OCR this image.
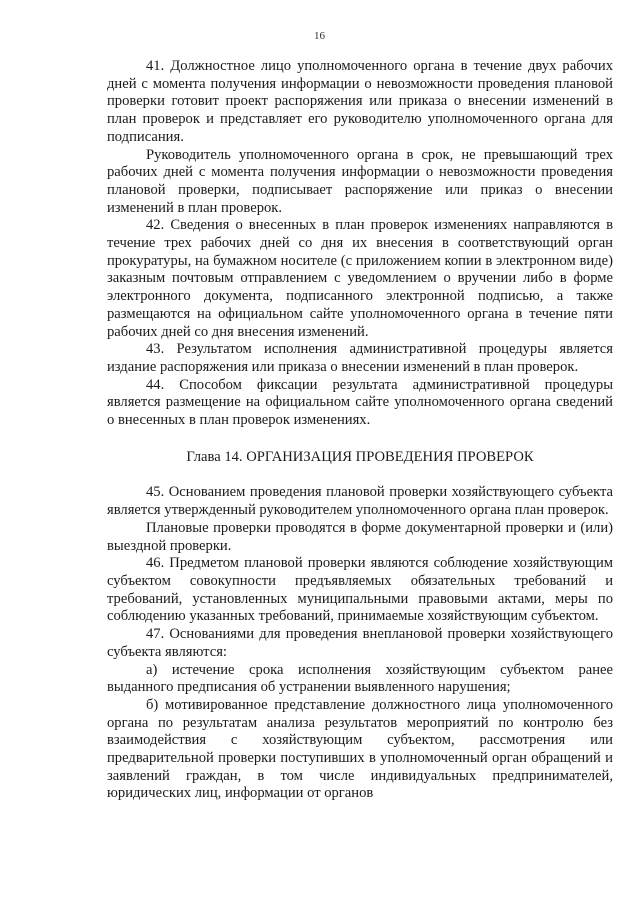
16

41. Должностное лицо уполномоченного органа в течение двух рабочих дней с момента получения информации о невозможности проведения плановой проверки готовит проект распоряжения или приказа о внесении изменений в план проверок и представляет его руководителю уполномоченного органа для подписания.

Руководитель уполномоченного органа в срок, не превышающий трех рабочих дней с момента получения информации о невозможности проведения плановой проверки, подписывает распоряжение или приказ о внесении изменений в план проверок.

42. Сведения о внесенных в план проверок изменениях направляются в течение трех рабочих дней со дня их внесения в соответствующий орган прокуратуры, на бумажном носителе (с приложением копии в электронном виде) заказным почтовым отправлением с уведомлением о вручении либо в форме электронного документа, подписанного электронной подписью, а также размещаются на официальном сайте уполномоченного органа в течение пяти рабочих дней со дня внесения изменений.

43. Результатом исполнения административной процедуры является издание распоряжения или приказа о внесении изменений в план проверок.

44. Способом фиксации результата административной процедуры является размещение на официальном сайте уполномоченного органа сведений о внесенных в план проверок изменениях.

Глава 14. ОРГАНИЗАЦИЯ ПРОВЕДЕНИЯ ПРОВЕРОК

45. Основанием проведения плановой проверки хозяйствующего субъекта является утвержденный руководителем уполномоченного органа план проверок.

Плановые проверки проводятся в форме документарной проверки и (или) выездной проверки.

46. Предметом плановой проверки являются соблюдение хозяйствующим субъектом совокупности предъявляемых обязательных требований и требований, установленных муниципальными правовыми актами, меры по соблюдению указанных требований, принимаемые хозяйствующим субъектом.

47. Основаниями для проведения внеплановой проверки хозяйствующего субъекта являются:

а) истечение срока исполнения хозяйствующим субъектом ранее выданного предписания об устранении выявленного нарушения;

б) мотивированное представление должностного лица уполномоченного органа по результатам анализа результатов мероприятий по контролю без взаимодействия с хозяйствующим субъектом, рассмотрения или предварительной проверки поступивших в уполномоченный орган обращений и заявлений граждан, в том числе индивидуальных предпринимателей, юридических лиц, информации от органов
